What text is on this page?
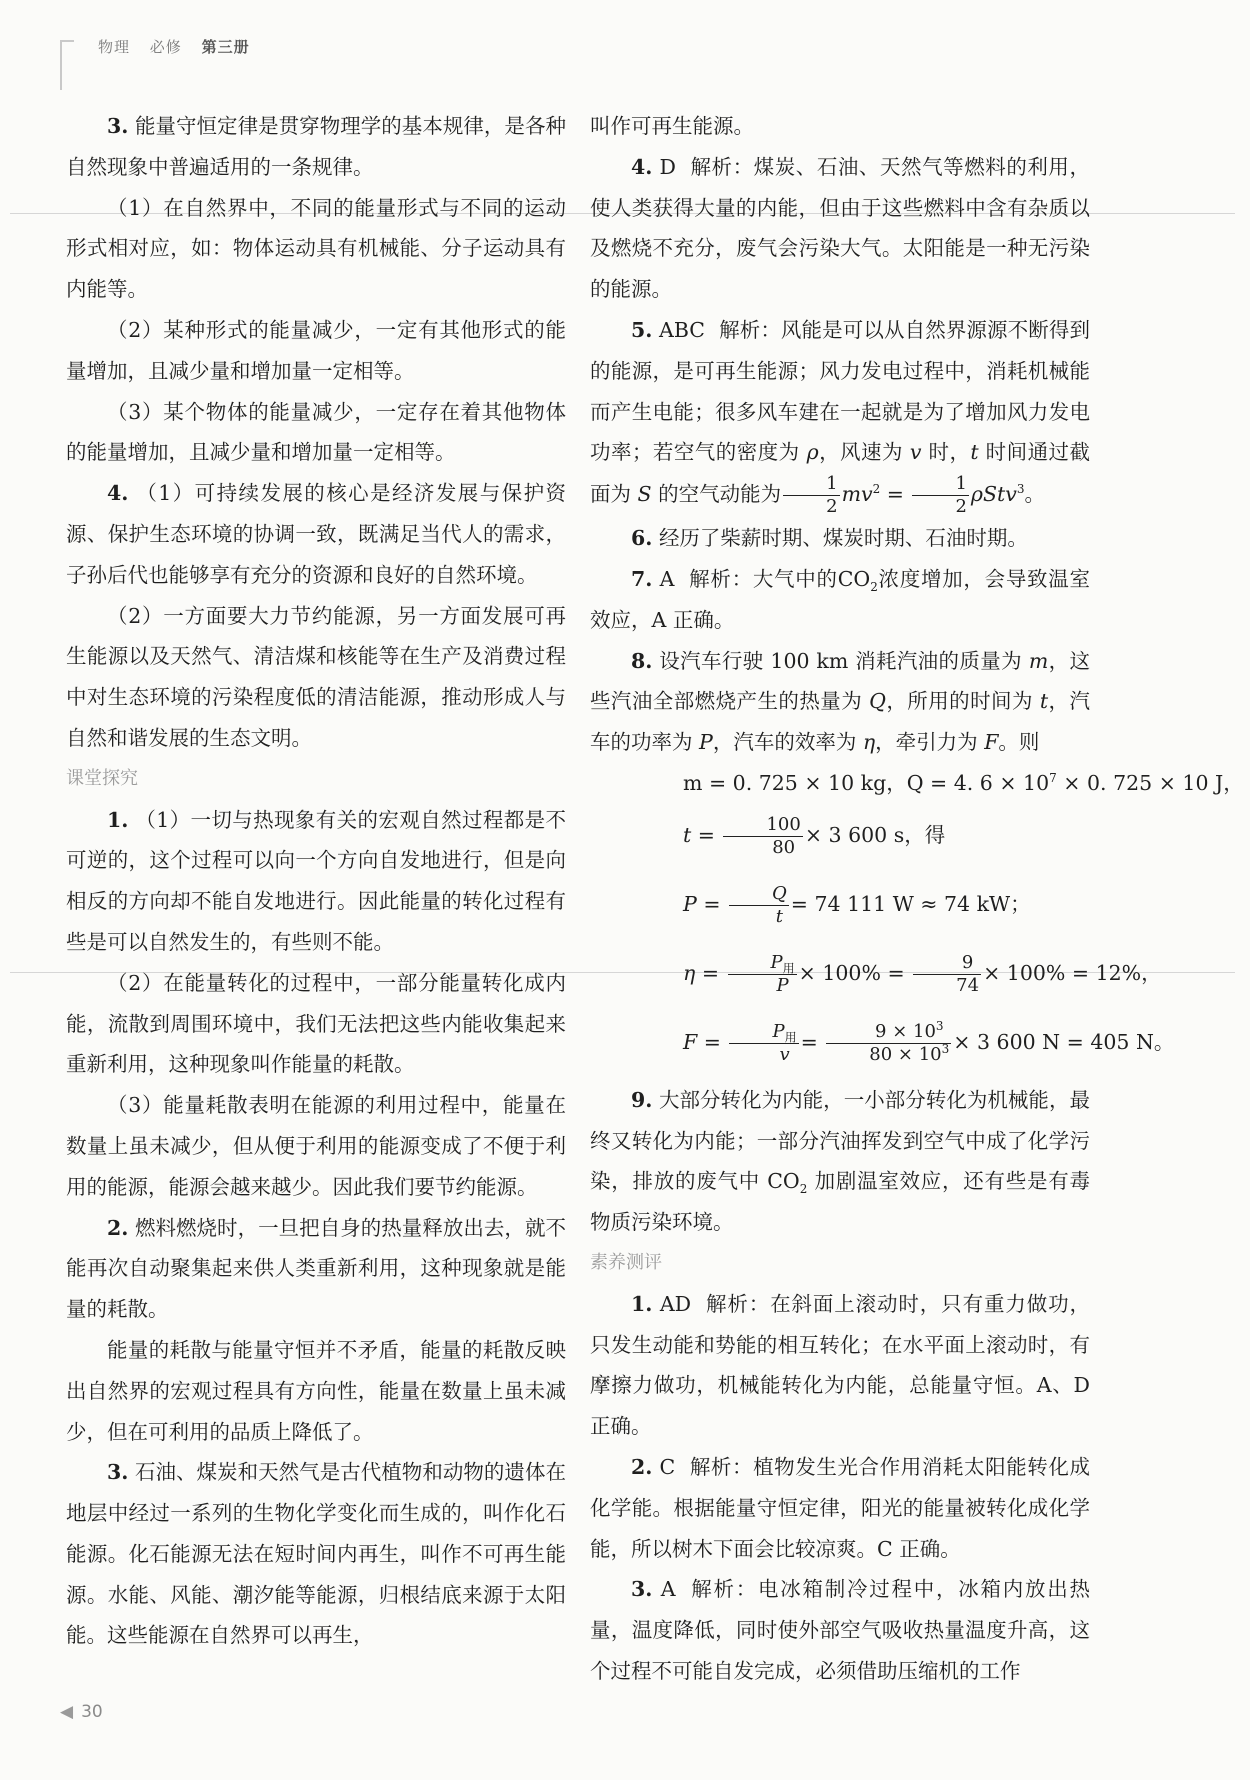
物理 必修 第三册

3. 能量守恒定律是贯穿物理学的基本规律，是各种自然现象中普遍适用的一条规律。

（1）在自然界中，不同的能量形式与不同的运动形式相对应，如：物体运动具有机械能、分子运动具有内能等。

（2）某种形式的能量减少，一定有其他形式的能量增加，且减少量和增加量一定相等。

（3）某个物体的能量减少，一定存在着其他物体的能量增加，且减少量和增加量一定相等。

4. （1）可持续发展的核心是经济发展与保护资源、保护生态环境的协调一致，既满足当代人的需求，子孙后代也能够享有充分的资源和良好的自然环境。

（2）一方面要大力节约能源，另一方面发展可再生能源以及天然气、清洁煤和核能等在生产及消费过程中对生态环境的污染程度低的清洁能源，推动形成人与自然和谐发展的生态文明。

课堂探究

1. （1）一切与热现象有关的宏观自然过程都是不可逆的，这个过程可以向一个方向自发地进行，但是向相反的方向却不能自发地进行。因此能量的转化过程有些是可以自然发生的，有些则不能。

（2）在能量转化的过程中，一部分能量转化成内能，流散到周围环境中，我们无法把这些内能收集起来重新利用，这种现象叫作能量的耗散。

（3）能量耗散表明在能源的利用过程中，能量在数量上虽未减少，但从便于利用的能源变成了不便于利用的能源，能源会越来越少。因此我们要节约能源。

2. 燃料燃烧时，一旦把自身的热量释放出去，就不能再次自动聚集起来供人类重新利用，这种现象就是能量的耗散。

能量的耗散与能量守恒并不矛盾，能量的耗散反映出自然界的宏观过程具有方向性，能量在数量上虽未减少，但在可利用的品质上降低了。

3. 石油、煤炭和天然气是古代植物和动物的遗体在地层中经过一系列的生物化学变化而生成的，叫作化石能源。化石能源无法在短时间内再生，叫作不可再生能源。水能、风能、潮汐能等能源，归根结底来源于太阳能。这些能源在自然界可以再生，

叫作可再生能源。

4. D 解析：煤炭、石油、天然气等燃料的利用，使人类获得大量的内能，但由于这些燃料中含有杂质以及燃烧不充分，废气会污染大气。太阳能是一种无污染的能源。

5. ABC 解析：风能是可以从自然界源源不断得到的能源，是可再生能源；风力发电过程中，消耗机械能而产生电能；很多风车建在一起就是为了增加风力发电功率；若空气的密度为 ρ，风速为 v 时，t 时间通过截面为 S 的空气动能为 $\frac{1}{2} mv^2 = \frac{1}{2} \rho Stv^3$。

6. 经历了柴薪时期、煤炭时期、石油时期。

7. A 解析：大气中的$CO_2$浓度增加，会导致温室效应，A 正确。

8. 设汽车行驶 100 km 消耗汽油的质量为 m，这些汽油全部燃烧产生的热量为 Q，所用的时间为 t，汽车的功率为 P，汽车的效率为 η，牵引力为 F。则

m = 0. 725 × 10 kg，Q = 4. $6 \times 10^7 \times 0$. 725 × 10 J，

$t = \frac{100}{80} \times 3$ 600 s，得

$P = \frac{Q}{t} = 74$ 111 W ≈ 74 kW；

$\eta = \frac{P_用}{P} \times 100\% = \frac{9}{74} \times 100\% = 12\%$，

$F = \frac{P_用}{v} = \frac{9 \times 10^3}{80 \times 10^3} \times 3$ 600 N = 405 N。

9. 大部分转化为内能，一小部分转化为机械能，最终又转化为内能；一部分汽油挥发到空气中成了化学污染，排放的废气中 $CO_2$ 加剧温室效应，还有些是有毒物质污染环境。

素养测评

1. AD 解析：在斜面上滚动时，只有重力做功，只发生动能和势能的相互转化；在水平面上滚动时，有摩擦力做功，机械能转化为内能，总能量守恒。A、D 正确。

2. C 解析：植物发生光合作用消耗太阳能转化成化学能。根据能量守恒定律，阳光的能量被转化成化学能，所以树木下面会比较凉爽。C 正确。

3. A 解析：电冰箱制冷过程中，冰箱内放出热量，温度降低，同时使外部空气吸收热量温度升高，这个过程不可能自发完成，必须借助压缩机的工作

◀ 30
